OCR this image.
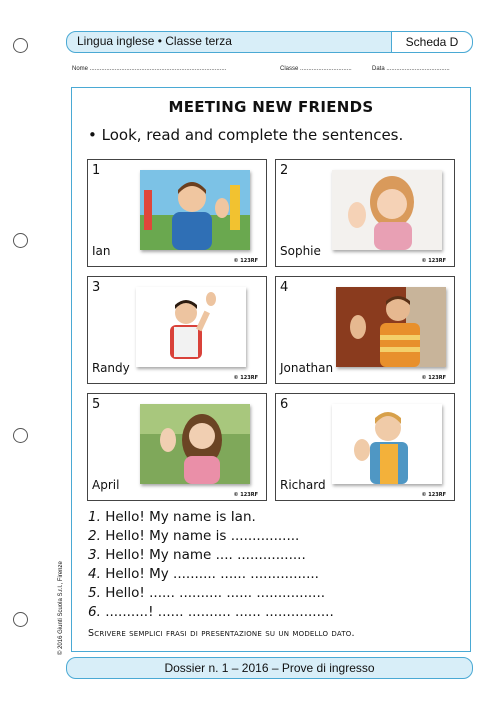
Lingua inglese • Classe terza	Scheda D
Nome ..................................................................................	Classe ...............................	Data ......................................
MEETING NEW FRIENDS
• Look, read and complete the sentences.
1
Ian
© 123RF
2
Sophie
© 123RF
3
Randy
© 123RF
4
Jonathan
© 123RF
5
April
© 123RF
6
Richard
© 123RF
1. Hello! My name is Ian.
2. Hello! My name is ................
3. Hello! My name .... ................
4. Hello! My .......... ...... ................
5. Hello! ...... .......... ...... ................
6. ..........! ...... .......... ...... ................
Scrivere semplici frasi di presentazione su un modello dato.
© 2016 Giunti Scuola S.r.l., Firenze
Dossier n. 1 – 2016 – Prove di ingresso
